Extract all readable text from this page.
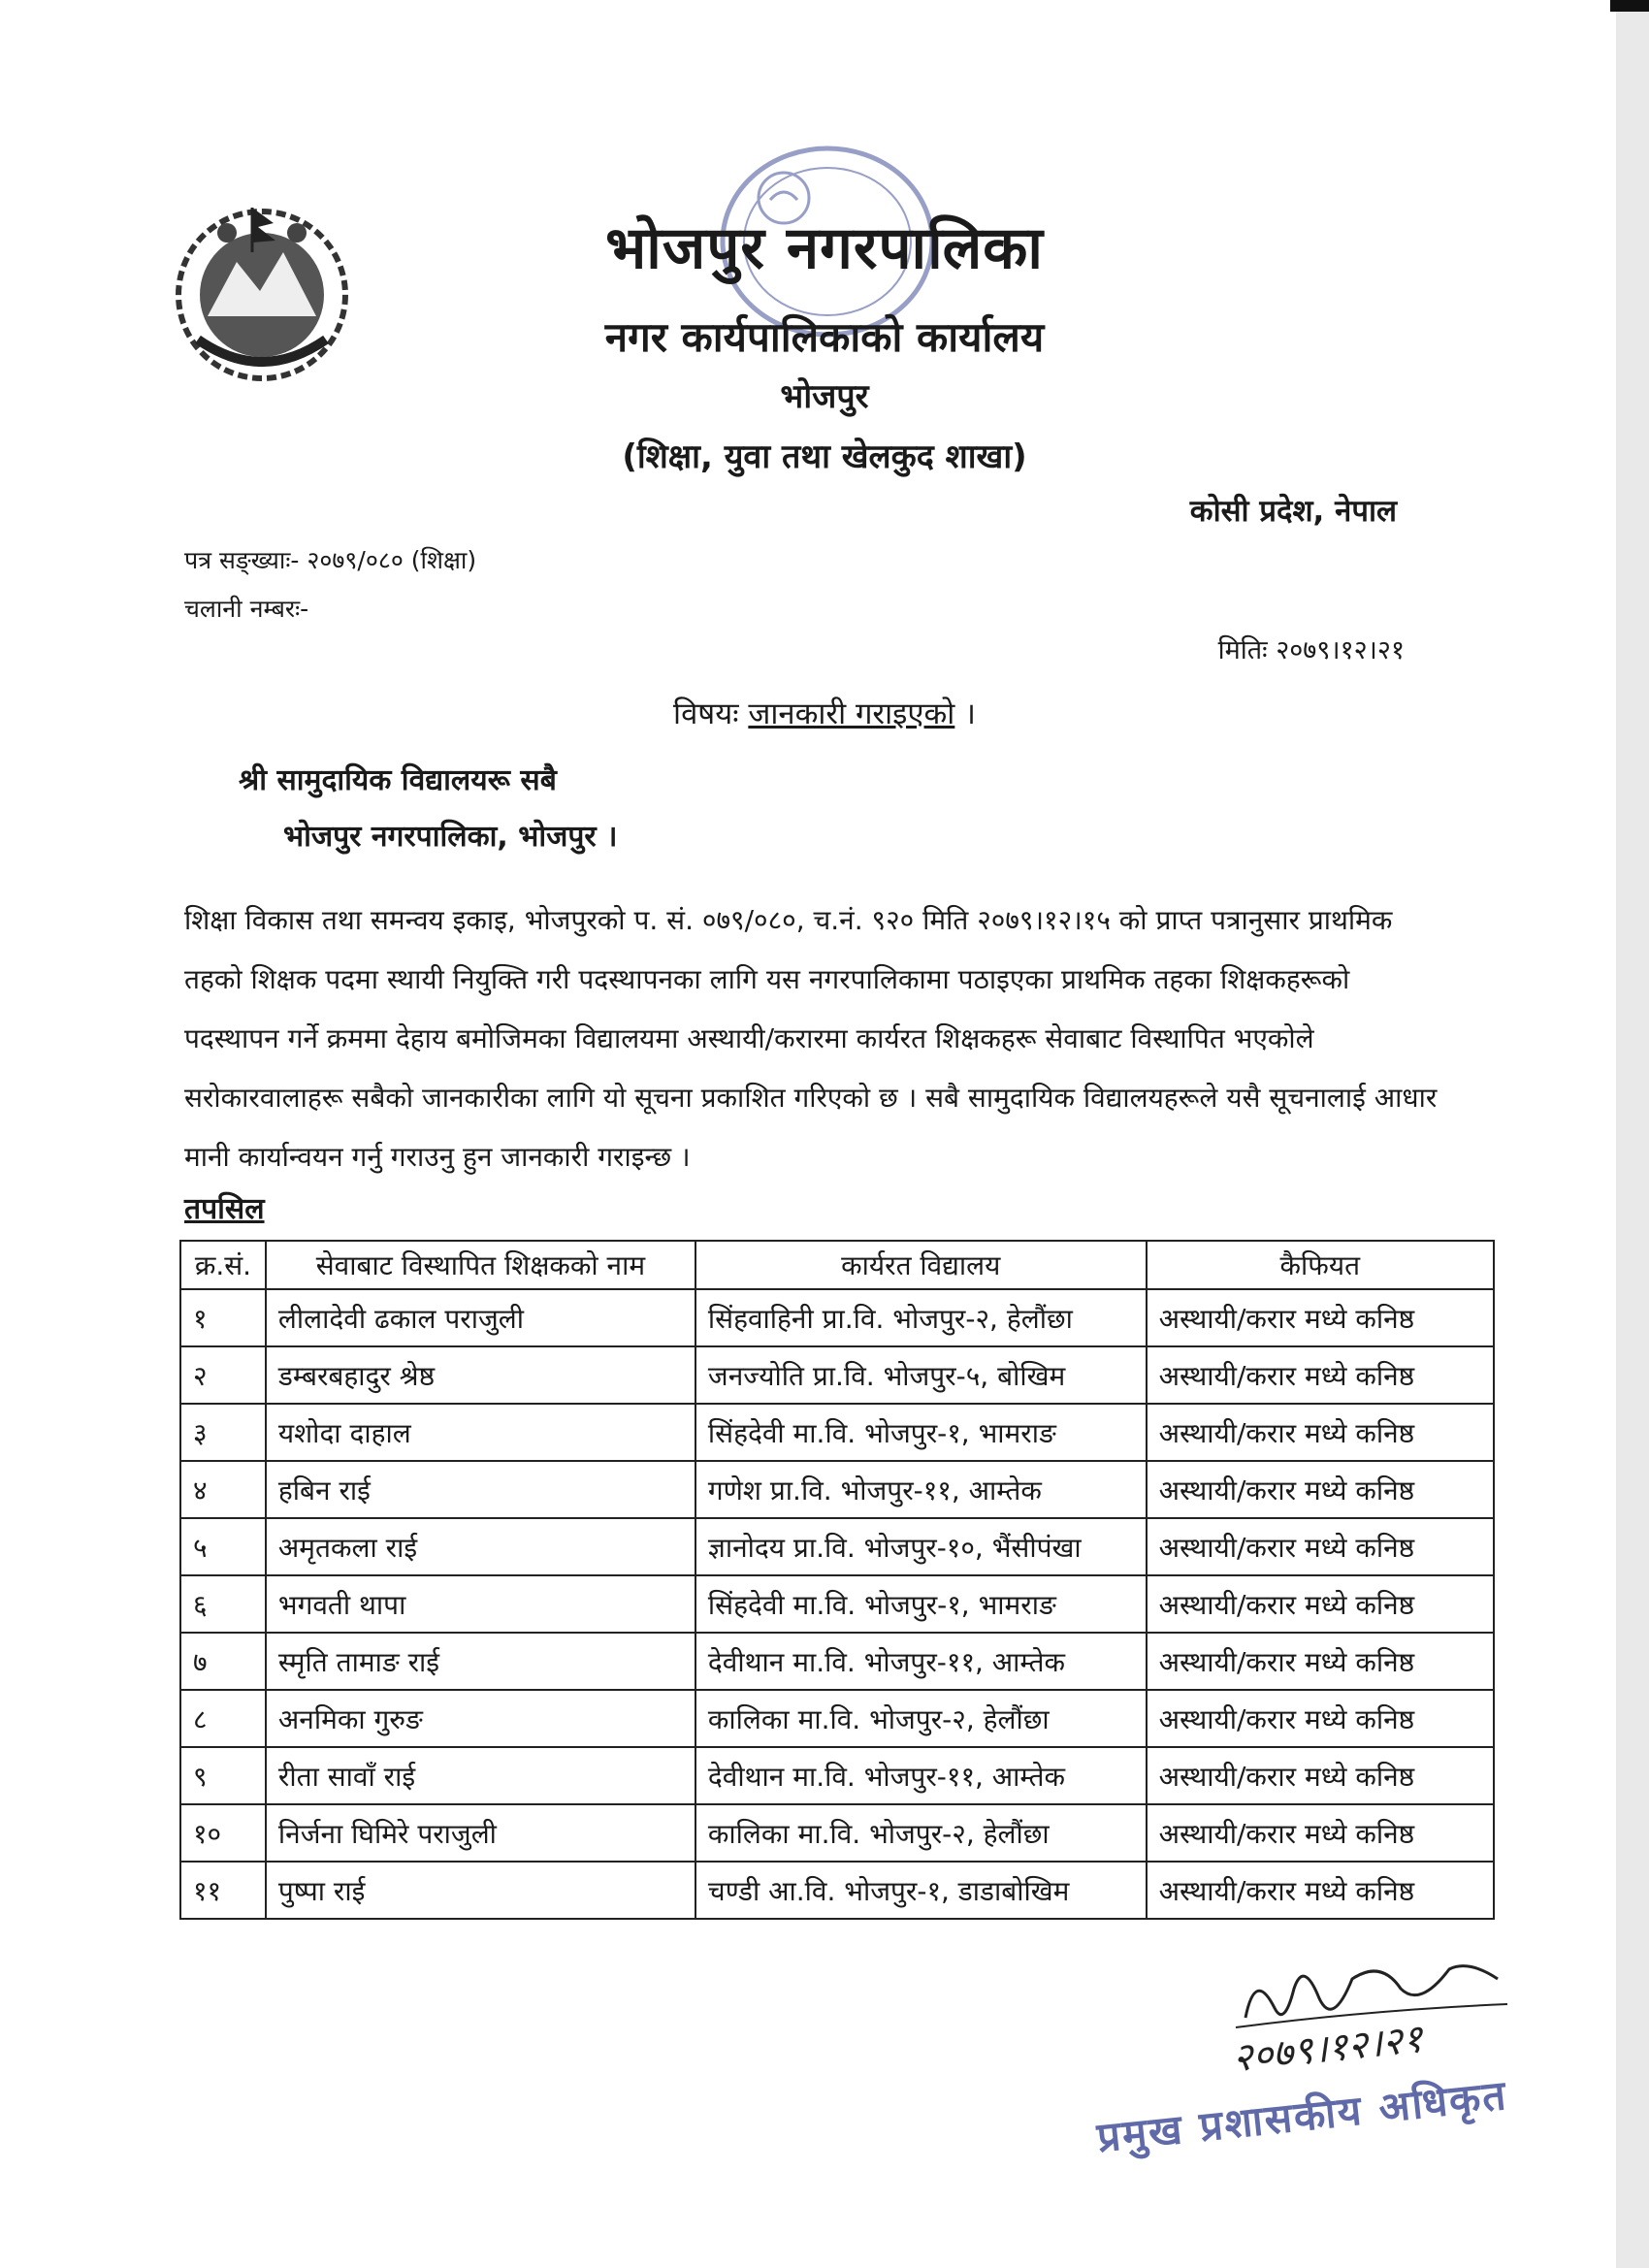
भोजपुर नगरपालिका
नगर कार्यपालिकाको कार्यालय
भोजपुर
(शिक्षा, युवा तथा खेलकुद शाखा)
कोसी प्रदेश, नेपाल
पत्र सङ्ख्याः- २०७९/०८० (शिक्षा)
चलानी नम्बरः-
मितिः २०७९।१२।२१
विषयः जानकारी गराइएको ।
श्री सामुदायिक विद्यालयरू सबै
भोजपुर नगरपालिका, भोजपुर ।
शिक्षा विकास तथा समन्वय इकाइ, भोजपुरको प. सं. ०७९/०८०, च.नं. ९२० मिति २०७९।१२।१५ को प्राप्त पत्रानुसार प्राथमिक तहको शिक्षक पदमा स्थायी नियुक्ति गरी पदस्थापनका लागि यस नगरपालिकामा पठाइएका प्राथमिक तहका शिक्षकहरूको पदस्थापन गर्ने क्रममा देहाय बमोजिमका विद्यालयमा अस्थायी/करारमा कार्यरत शिक्षकहरू सेवाबाट विस्थापित भएकोले सरोकारवालाहरू सबैको जानकारीका लागि यो सूचना प्रकाशित गरिएको छ । सबै सामुदायिक विद्यालयहरूले यसै सूचनालाई आधार मानी कार्यान्वयन गर्नु गराउनु हुन जानकारी गराइन्छ ।
तपसिल
क्र.सं.	सेवाबाट विस्थापित शिक्षकको नाम	कार्यरत विद्यालय	कैफियत
१	लीलादेवी ढकाल पराजुली	सिंहवाहिनी प्रा.वि. भोजपुर-२, हेलौंछा	अस्थायी/करार मध्ये कनिष्ठ
२	डम्बरबहादुर श्रेष्ठ	जनज्योति प्रा.वि. भोजपुर-५, बोखिम	अस्थायी/करार मध्ये कनिष्ठ
३	यशोदा दाहाल	सिंहदेवी मा.वि. भोजपुर-१, भामराङ	अस्थायी/करार मध्ये कनिष्ठ
४	हबिन राई	गणेश प्रा.वि. भोजपुर-११, आम्तेक	अस्थायी/करार मध्ये कनिष्ठ
५	अमृतकला राई	ज्ञानोदय प्रा.वि. भोजपुर-१०, भैंसीपंखा	अस्थायी/करार मध्ये कनिष्ठ
६	भगवती थापा	सिंहदेवी मा.वि. भोजपुर-१, भामराङ	अस्थायी/करार मध्ये कनिष्ठ
७	स्मृति तामाङ राई	देवीथान मा.वि. भोजपुर-११, आम्तेक	अस्थायी/करार मध्ये कनिष्ठ
८	अनमिका गुरुङ	कालिका मा.वि. भोजपुर-२, हेलौंछा	अस्थायी/करार मध्ये कनिष्ठ
९	रीता सावाँ राई	देवीथान मा.वि. भोजपुर-११, आम्तेक	अस्थायी/करार मध्ये कनिष्ठ
१०	निर्जना घिमिरे पराजुली	कालिका मा.वि. भोजपुर-२, हेलौंछा	अस्थायी/करार मध्ये कनिष्ठ
११	पुष्पा राई	चण्डी आ.वि. भोजपुर-१, डाडाबोखिम	अस्थायी/करार मध्ये कनिष्ठ
२०७९।१२।२१
प्रमुख प्रशासकीय अधिकृत
